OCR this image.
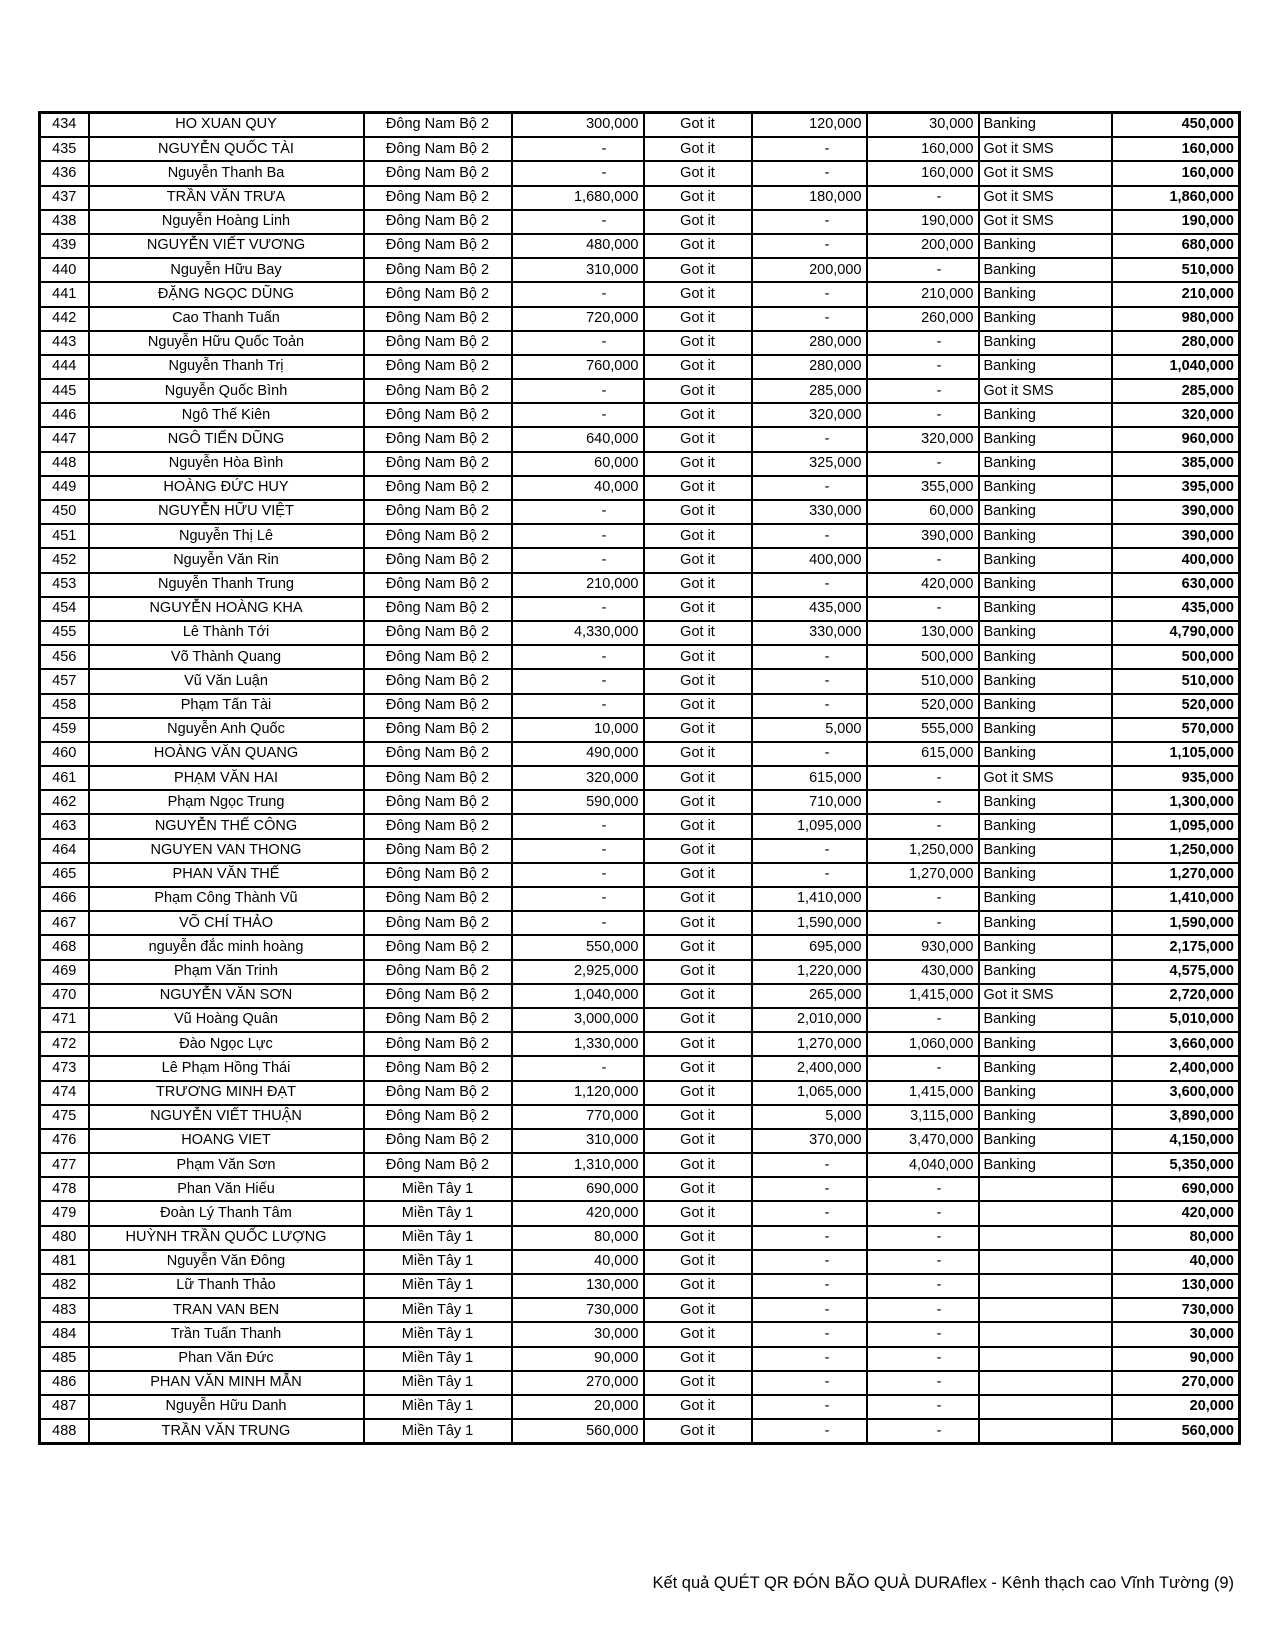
434	HO XUAN QUY	Đông Nam Bộ 2	300,000	Got it	120,000	30,000	Banking	450,000
435	NGUYỄN QUỐC TÀI	Đông Nam Bộ 2	-	Got it	-	160,000	Got it SMS	160,000
436	Nguyễn Thanh Ba	Đông Nam Bộ 2	-	Got it	-	160,000	Got it SMS	160,000
437	TRẦN VĂN TRƯA	Đông Nam Bộ 2	1,680,000	Got it	180,000	-	Got it SMS	1,860,000
438	Nguyễn Hoàng Linh	Đông Nam Bộ 2	-	Got it	-	190,000	Got it SMS	190,000
439	NGUYỄN VIẾT VƯƠNG	Đông Nam Bộ 2	480,000	Got it	-	200,000	Banking	680,000
440	Nguyễn Hữu Bay	Đông Nam Bộ 2	310,000	Got it	200,000	-	Banking	510,000
441	ĐẶNG NGỌC DŨNG	Đông Nam Bộ 2	-	Got it	-	210,000	Banking	210,000
442	Cao Thanh Tuấn	Đông Nam Bộ 2	720,000	Got it	-	260,000	Banking	980,000
443	Nguyễn Hữu Quốc Toản	Đông Nam Bộ 2	-	Got it	280,000	-	Banking	280,000
444	Nguyễn Thanh Trị	Đông Nam Bộ 2	760,000	Got it	280,000	-	Banking	1,040,000
445	Nguyễn Quốc Bình	Đông Nam Bộ 2	-	Got it	285,000	-	Got it SMS	285,000
446	Ngô Thế Kiên	Đông Nam Bộ 2	-	Got it	320,000	-	Banking	320,000
447	NGÔ TIẾN DŨNG	Đông Nam Bộ 2	640,000	Got it	-	320,000	Banking	960,000
448	Nguyễn Hòa Bình	Đông Nam Bộ 2	60,000	Got it	325,000	-	Banking	385,000
449	HOÀNG ĐỨC HUY	Đông Nam Bộ 2	40,000	Got it	-	355,000	Banking	395,000
450	NGUYỄN HỮU VIỆT	Đông Nam Bộ 2	-	Got it	330,000	60,000	Banking	390,000
451	Nguyễn Thị Lê	Đông Nam Bộ 2	-	Got it	-	390,000	Banking	390,000
452	Nguyễn Văn Rin	Đông Nam Bộ 2	-	Got it	400,000	-	Banking	400,000
453	Nguyễn Thanh Trung	Đông Nam Bộ 2	210,000	Got it	-	420,000	Banking	630,000
454	NGUYỄN HOÀNG KHA	Đông Nam Bộ 2	-	Got it	435,000	-	Banking	435,000
455	Lê Thành Tới	Đông Nam Bộ 2	4,330,000	Got it	330,000	130,000	Banking	4,790,000
456	Võ Thành Quang	Đông Nam Bộ 2	-	Got it	-	500,000	Banking	500,000
457	Vũ Văn Luận	Đông Nam Bộ 2	-	Got it	-	510,000	Banking	510,000
458	Phạm Tấn Tài	Đông Nam Bộ 2	-	Got it	-	520,000	Banking	520,000
459	Nguyễn Anh Quốc	Đông Nam Bộ 2	10,000	Got it	5,000	555,000	Banking	570,000
460	HOÀNG VĂN QUANG	Đông Nam Bộ 2	490,000	Got it	-	615,000	Banking	1,105,000
461	PHẠM VĂN HAI	Đông Nam Bộ 2	320,000	Got it	615,000	-	Got it SMS	935,000
462	Phạm Ngọc Trung	Đông Nam Bộ 2	590,000	Got it	710,000	-	Banking	1,300,000
463	NGUYỄN THẾ CÔNG	Đông Nam Bộ 2	-	Got it	1,095,000	-	Banking	1,095,000
464	NGUYEN VAN THONG	Đông Nam Bộ 2	-	Got it	-	1,250,000	Banking	1,250,000
465	PHAN VĂN THẾ	Đông Nam Bộ 2	-	Got it	-	1,270,000	Banking	1,270,000
466	Phạm Công Thành Vũ	Đông Nam Bộ 2	-	Got it	1,410,000	-	Banking	1,410,000
467	VÕ CHÍ THẢO	Đông Nam Bộ 2	-	Got it	1,590,000	-	Banking	1,590,000
468	nguyễn đắc minh hoàng	Đông Nam Bộ 2	550,000	Got it	695,000	930,000	Banking	2,175,000
469	Phạm Văn Trinh	Đông Nam Bộ 2	2,925,000	Got it	1,220,000	430,000	Banking	4,575,000
470	NGUYỄN VĂN SƠN	Đông Nam Bộ 2	1,040,000	Got it	265,000	1,415,000	Got it SMS	2,720,000
471	Vũ Hoàng Quân	Đông Nam Bộ 2	3,000,000	Got it	2,010,000	-	Banking	5,010,000
472	Đào Ngọc Lực	Đông Nam Bộ 2	1,330,000	Got it	1,270,000	1,060,000	Banking	3,660,000
473	Lê Phạm Hồng Thái	Đông Nam Bộ 2	-	Got it	2,400,000	-	Banking	2,400,000
474	TRƯƠNG MINH ĐẠT	Đông Nam Bộ 2	1,120,000	Got it	1,065,000	1,415,000	Banking	3,600,000
475	NGUYỄN VIẾT THUẬN	Đông Nam Bộ 2	770,000	Got it	5,000	3,115,000	Banking	3,890,000
476	HOANG VIET	Đông Nam Bộ 2	310,000	Got it	370,000	3,470,000	Banking	4,150,000
477	Phạm Văn Sơn	Đông Nam Bộ 2	1,310,000	Got it	-	4,040,000	Banking	5,350,000
478	Phan Văn Hiếu	Miền Tây 1	690,000	Got it	-	-		690,000
479	Đoàn Lý Thanh Tâm	Miền Tây 1	420,000	Got it	-	-		420,000
480	HUỲNH TRẦN QUỐC LƯỢNG	Miền Tây 1	80,000	Got it	-	-		80,000
481	Nguyễn Văn Đông	Miền Tây 1	40,000	Got it	-	-		40,000
482	Lữ Thanh Thảo	Miền Tây 1	130,000	Got it	-	-		130,000
483	TRAN VAN BEN	Miền Tây 1	730,000	Got it	-	-		730,000
484	Trần Tuấn Thanh	Miền Tây 1	30,000	Got it	-	-		30,000
485	Phan Văn Đức	Miền Tây 1	90,000	Got it	-	-		90,000
486	PHAN VĂN MINH MẪN	Miền Tây 1	270,000	Got it	-	-		270,000
487	Nguyễn Hữu Danh	Miền Tây 1	20,000	Got it	-	-		20,000
488	TRẦN VĂN TRUNG	Miền Tây 1	560,000	Got it	-	-		560,000
Kết quả QUÉT QR ĐÓN BÃO QUÀ DURAflex - Kênh thạch cao Vĩnh Tường (9)
